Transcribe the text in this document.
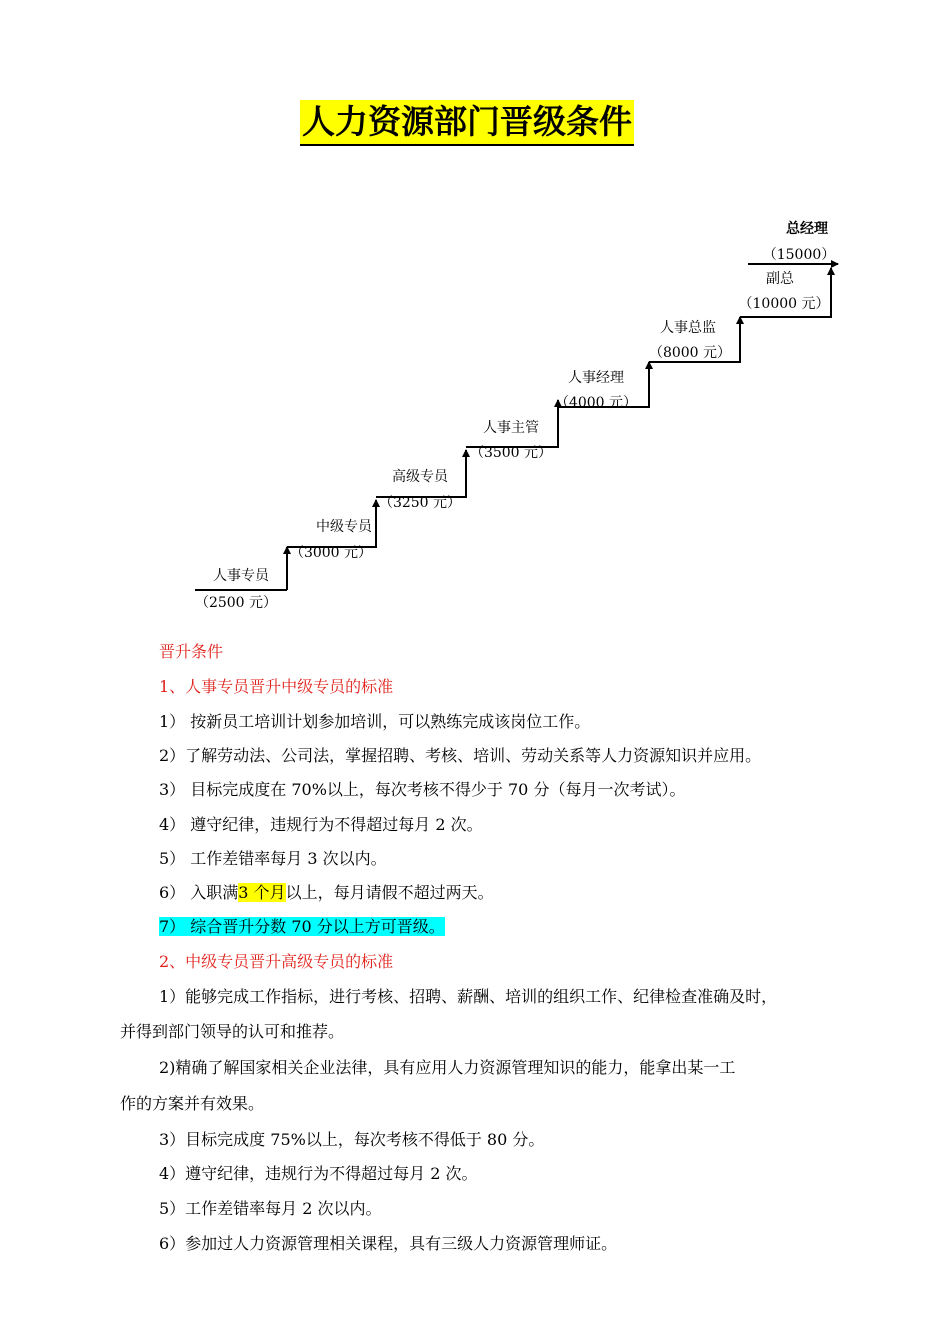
人力资源部门晋级条件
人事专员
（2500 元）
中级专员
（3000 元）
高级专员
（3250 元）
人事主管
（3500 元）
人事经理
（4000 元）
人事总监
（8000 元）
副总
（10000 元）
总经理
（15000）
晋升条件
1、人事专员晋升中级专员的标准
1） 按新员工培训计划参加培训，可以熟练完成该岗位工作。
2）了解劳动法、公司法，掌握招聘、考核、培训、劳动关系等人力资源知识并应用。
3） 目标完成度在 70%以上，每次考核不得少于 70 分（每月一次考试）。
4） 遵守纪律，违规行为不得超过每月 2 次。
5） 工作差错率每月 3 次以内。
6） 入职满3 个月以上，每月请假不超过两天。
7） 综合晋升分数 70 分以上方可晋级。
2、中级专员晋升高级专员的标准
1）能够完成工作指标，进行考核、招聘、薪酬、培训的组织工作、纪律检查准确及时，
并得到部门领导的认可和推荐。
2)精确了解国家相关企业法律，具有应用人力资源管理知识的能力，能拿出某一工
作的方案并有效果。
3）目标完成度 75%以上，每次考核不得低于 80 分。
4）遵守纪律，违规行为不得超过每月 2 次。
5）工作差错率每月 2 次以内。
6）参加过人力资源管理相关课程，具有三级人力资源管理师证。
